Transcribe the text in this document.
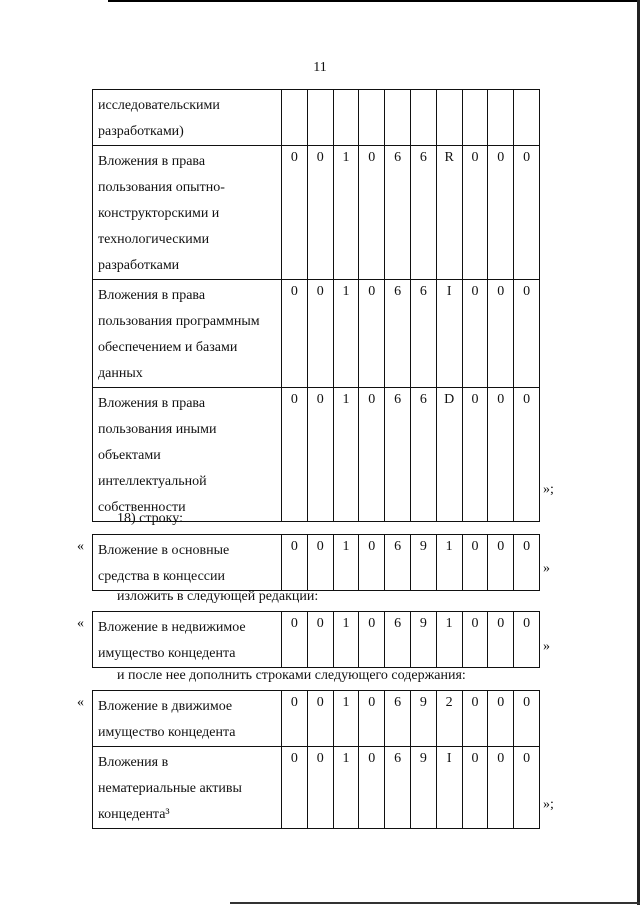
11
исследовательскими
разработками)										

Вложения в права
пользования опытно-
конструкторскими и
технологическими
разработками	0	0	1	0	6	6	R	0	0	0

Вложения в права
пользования программным
обеспечением и базами
данных	0	0	1	0	6	6	I	0	0	0

Вложения в права
пользования иными
объектами
интеллектуальной
собственности	0	0	1	0	6	6	D	0	0	0
»;
18) строку:
« Вложение в основные
средства в концессии
	0	0	1	0	6	9	1	0	0	0
»
изложить в следующей редакции:
« Вложение в недвижимое
имущество концедента
	0	0	1	0	6	9	1	0	0	0
»
и после нее дополнить строками следующего содержания:
« Вложение в движимое
имущество концедента	0	0	1	0	6	9	2	0	0	0

Вложения в
нематериальные активы
концедента³	0	0	1	0	6	9	I	0	0	0
»;
